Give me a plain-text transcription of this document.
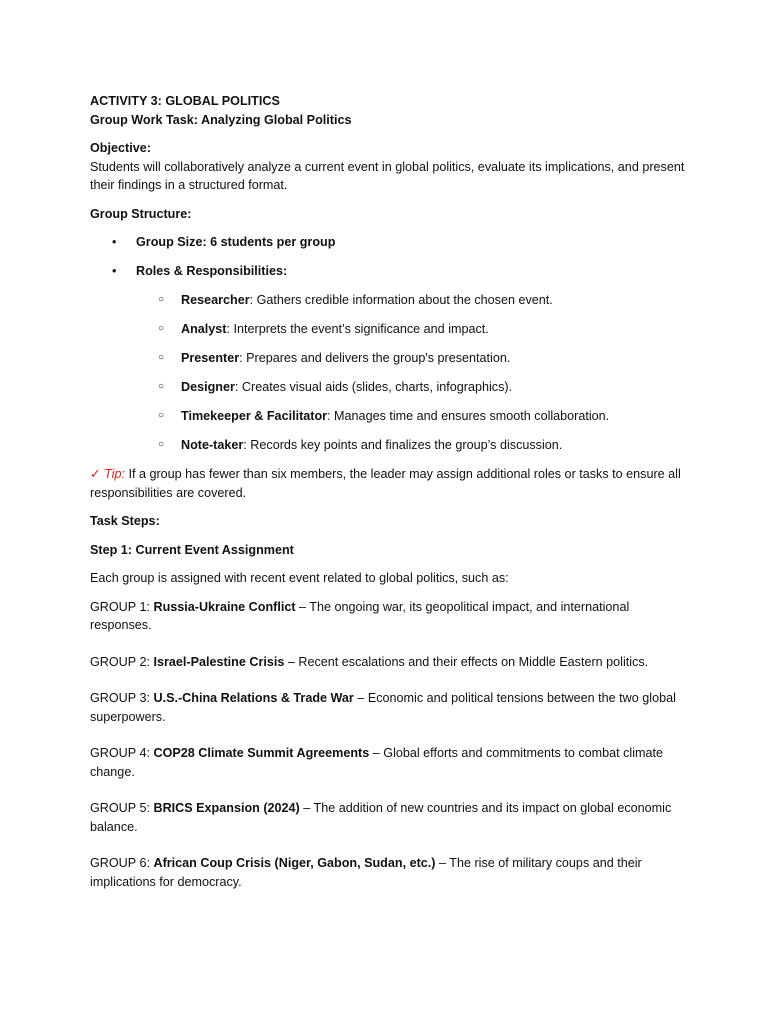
ACTIVITY 3: GLOBAL POLITICS

Group Work Task: Analyzing Global Politics

Objective:

Students will collaboratively analyze a current event in global politics, evaluate its implications, and present their findings in a structured format.

Group Structure:

• Group Size: 6 students per group
• Roles & Responsibilities:
○ Researcher: Gathers credible information about the chosen event.
○ Analyst: Interprets the event’s significance and impact.
○ Presenter: Prepares and delivers the group's presentation.
○ Designer: Creates visual aids (slides, charts, infographics).
○ Timekeeper & Facilitator: Manages time and ensures smooth collaboration.
○ Note-taker: Records key points and finalizes the group’s discussion.

✓ Tip: If a group has fewer than six members, the leader may assign additional roles or tasks to ensure all responsibilities are covered.

Task Steps:

Step 1: Current Event Assignment

Each group is assigned with recent event related to global politics, such as:

GROUP 1: Russia-Ukraine Conflict – The ongoing war, its geopolitical impact, and international responses.

GROUP 2: Israel-Palestine Crisis – Recent escalations and their effects on Middle Eastern politics.

GROUP 3: U.S.-China Relations & Trade War – Economic and political tensions between the two global superpowers.

GROUP 4: COP28 Climate Summit Agreements – Global efforts and commitments to combat climate change.

GROUP 5: BRICS Expansion (2024) – The addition of new countries and its impact on global economic balance.

GROUP 6: African Coup Crisis (Niger, Gabon, Sudan, etc.) – The rise of military coups and their implications for democracy.
